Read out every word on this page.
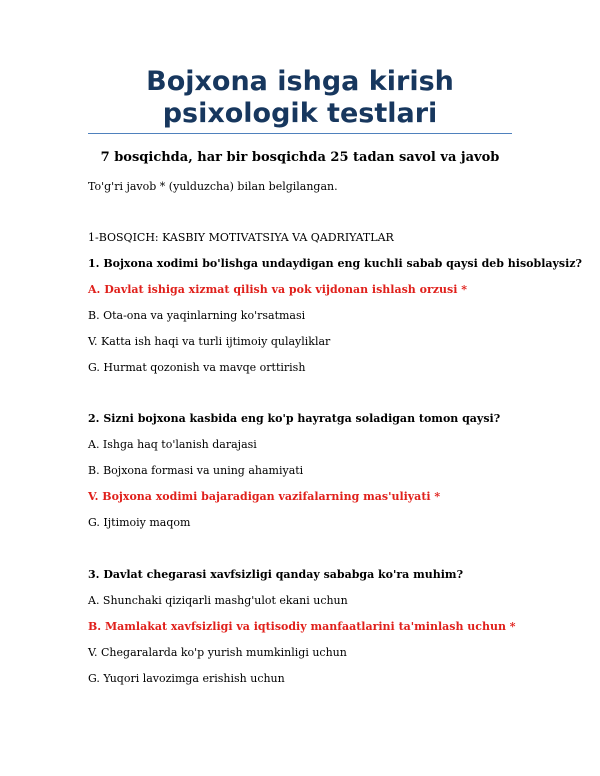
Bojxona ishga kirish
psixologik testlari
7 bosqichda, har bir bosqichda 25 tadan savol va javob
To'g'ri javob * (yulduzcha) bilan belgilangan.
1-BOSQICH: KASBIY MOTIVATSIYA VA QADRIYATLAR
1. Bojxona xodimi bo'lishga undaydigan eng kuchli sabab qaysi deb hisoblaysiz?
A. Davlat ishiga xizmat qilish va pok vijdonan ishlash orzusi *
B. Ota-ona va yaqinlarning ko'rsatmasi
V. Katta ish haqi va turli ijtimoiy qulayliklar
G. Hurmat qozonish va mavqe orttirish
2. Sizni bojxona kasbida eng ko'p hayratga soladigan tomon qaysi?
A. Ishga haq to'lanish darajasi
B. Bojxona formasi va uning ahamiyati
V. Bojxona xodimi bajaradigan vazifalarning mas'uliyati *
G. Ijtimoiy maqom
3. Davlat chegarasi xavfsizligi qanday sababga ko'ra muhim?
A. Shunchaki qiziqarli mashg'ulot ekani uchun
B. Mamlakat xavfsizligi va iqtisodiy manfaatlarini ta'minlash uchun *
V. Chegaralarda ko'p yurish mumkinligi uchun
G. Yuqori lavozimga erishish uchun
